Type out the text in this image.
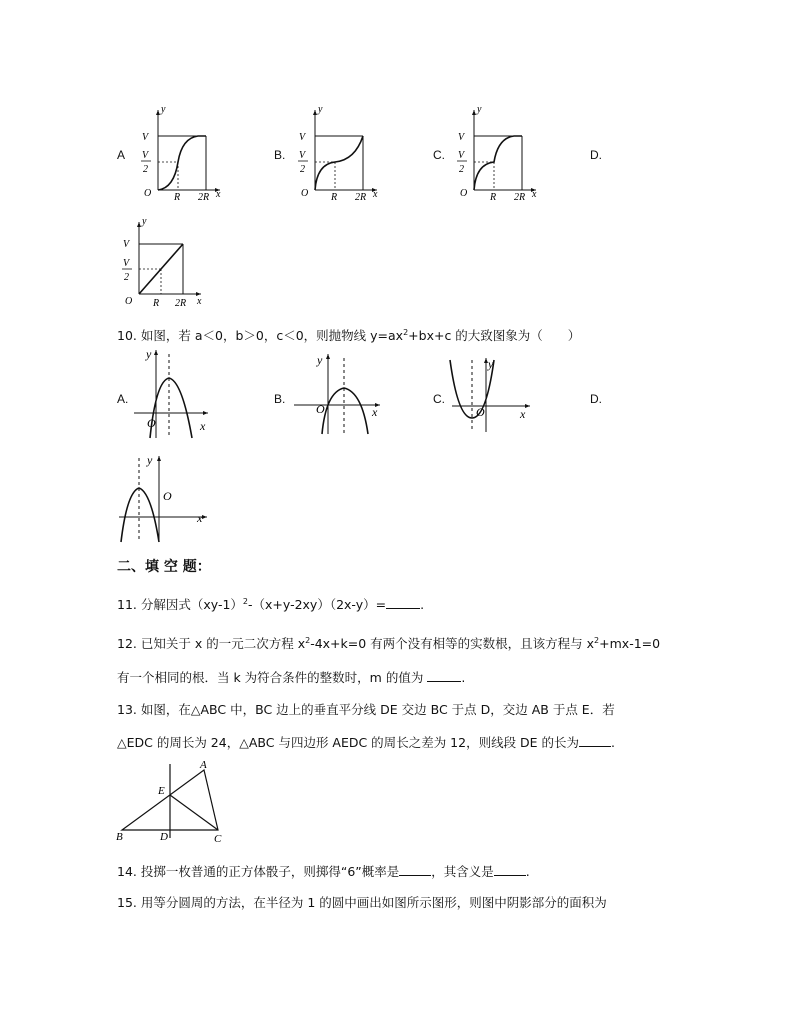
A
y
V
V
2
O R 2R x
B.
y
V
V
2
O R 2R x
C.
y
V
V
2
O R 2R x
D.
y
V
V
2
O R 2R x
10. 如图，若 a＜0，b＞0，c＜0，则抛物线 $y=ax^2+bx+c$ 的大致图象为（　　）
A.
y
O	x
B.
y
O	x
C.
y
O	x
D.
y
O
x
二、填 空 题：
11. 分解因式$(xy-1)^2-(x+y-2xy)(2x-y)=$	.
12. 已知关于 x 的一元二次方程 $x^2-4x+k=0$ 有两个没有相等的实数根，且该方程与 $x^2+mx-1=0$
有一个相同的根．当 k 为符合条件的整数时，m 的值为	.
13. 如图，在△ABC 中，BC 边上的垂直平分线 DE 交边 BC 于点 D，交边 AB 于点 E．若
△EDC 的周长为 24，△ABC 与四边形 AEDC 的周长之差为 12，则线段 DE 的长为	.
A
B	C
D
E
14. 投掷一枚普通的正方体骰子，则掷得“6”概率是	，其含义是	.
15. 用等分圆周的方法，在半径为 1 的圆中画出如图所示图形，则图中阴影部分的面积为
